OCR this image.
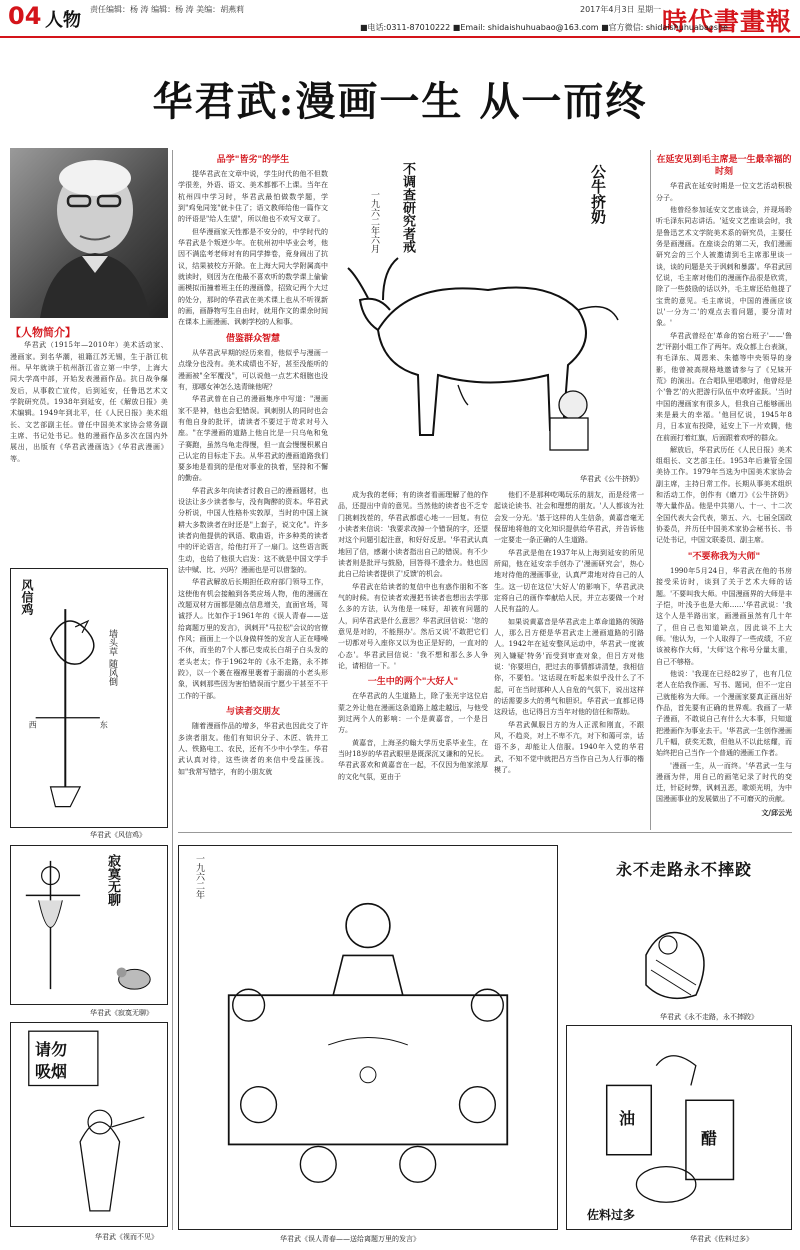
04 人物
责任编辑：杨 涛 编辑：杨 涛 美编：胡燕莉	2017年4月3日 星期一 時代書畫報
■电话:0311-87010222 ■Email: shidaishuhuabao@163.com ■官方微信: shidaishuhuabaoshe
华君武:漫画一生 从一而终
【人物简介】

华君武（1915年—2010年）美术活动家、漫画家。到名华潮，祖籍江苏无锡，生于浙江杭州。早年就读于杭州浙江省立第一中学，上海大同大学高中部，开始发表漫画作品。抗日战争爆发后，从事救亡宣传，后到延安，任鲁迅艺术文学院研究员。1938年到延安，任《解放日报》美术编辑。1949年到北平，任《人民日报》美术组长、文艺部副主任。曾任中国美术家协会常务副主席、书记处书记。他的漫画作品多次在国内外展出，出版有《华君武漫画选》《华君武漫画》等。

西	东
风信鸡
墙头草 随风倒
华君武《风信鸡》
寂寞无聊
华君武《寂寞无聊》
请勿
吸烟
华君武《视而不见》
品学"皆劣"的学生

提华君武在文章中说，学生时代的他不但数学很差，外语、语文、美术都都不上课。当年在杭州四中学习时，华君武最怕做数学题，学到"鸡兔同笼"就卡住了；语文教师给他一篇作文的评语是"给人生望"，所以他也不欢写文章了。

但华漫画家天性都是不安分的，中学时代的华君武是个叛逆少年。在杭州初中毕业会考，他因不满监考老师对有的同学捧卷，竟身闹出了抗议，结果被校方开除。在上海大同大学附属高中就读时，则因为在他最不喜欢听的数学课上偷偷画模拟而撞着班主任的漫画像，招致记两个大过的处分，那时的华君武在美术课上也从不听视新的画，画静物写生自由时，就用作文的课余时间在课本上画漫画、讽刺学校的人和事。

借鉴群众智慧

从华君武早期的经历来看，他似乎与漫画一点缘分也没有。美术成绩也不好，甚至没能听的漫画被"全军覆没"，可以说他一点艺术细胞也没有，那哪女神怎么选青睐他呢？

华君武曾在自己的漫画集序中写道："漫画家不是神，他也会犯错误。讽刺别人的同时也会有他自身的批评，请读者不要过于苛求对号入座。"在学漫画的道路上他自比是一只乌龟和兔子赛跑，虽然乌龟走得慢，但一直会慢慢积累自己认定的目标走下去。从华君武的漫画道路我们要多地是看到的是他对事业的执着，坚持和不懈的勤奋。

华君武多年向读者讨教自己的漫画题材，也设法让多少读者参与，没有陶醉的资本。华君武分析说，中国人性格朴实敦厚，当时的中国上演耕大多数读者在时还是"上套子，说文化"。许多读者向他提供的讽语、歌曲语，许多种类的读者中的评论语言，给他打开了一扇门。这些语言既生动，也给了他很大启发：这不就是中国文学手法中赋、比、兴吗？漫画也是可以借鉴的。

华君武解放后长期担任政府部门领导工作，这使他有机会接触到各类应场人物，他的漫画在改题双材方面都是随点信息增关，直面官场，驾诚抒人。比如作于1961年的《误人青春——送给离题万里的发言》，讽刺开"马拉松"会议的官僚作风；画面上一个以身做样签的发言人正在唾噪不休，而坐的7个人都已变成长白胡子白头发的老头老太；作于1962年的《永不走路，永不摔跤》，以一个裹在襁褓里裹着于溺溺的小老头形象，讽刺那些因为害怕错误而宁愿少干甚至不干工作的干部。

与读者交朋友

随着漫画作品的增多，华君武也因此交了许多读者朋友。他们有知识分子、木匠、铣井工人、铁路电工、农民，还有不少中小学生。华君武认真对待，这些读者的来信中受益匪浅。如"我常写错字，有的小朋友就

公牛挤奶
不调查研究者戒
一九六二年六月
华君武《公牛挤奶》

成为我的老师；有的读者看画理解了他的作品，还提出中肯的意见。当然他的读者也不乏专门挑刺找茬的，华君武都虚心地一一回复。有位小读者来信说：'我要求改掉一个错误的字，还望对这个问题引起注意，和好好反思。'华君武认真地回了信，感谢小读者指出自己的错误。有不少读者则是批评与鼓励，回答得不遗余力。他也因此自己给读者提供了'反馈'的机会。

华君武在给读者的复信中也有惑作朋和不客气的时候。有位读者欢漫把书读者也想出去学那么多的方法，认为他是一味好，却被有问题的人，问华君武是什么意思？华君武回信说：'您的意见是对的，不能照办'。然后又说'不敢把它们一切都对号入座你又以为也正是好的，一直对的心态'。华君武回信说：'我不想和那么多人争论，请相信一下。'

一生中的两个"大好人"

在华君武的人生道路上，除了张光宇这位启蒙之外让他在漫画这条道路上越走越远，与他受到过两个人的影响：一个是黄嘉音，一个是吕方。

黄嘉音，上海圣约翰大学历史系毕业生，在当时18岁的华君武眼里是既深沉又谦和的兄长。华君武喜欢和黄嘉音在一起，不仅因为他家浓厚的文化气氛，更由于

他们不是那种吃喝玩乐的朋友，而是经常一起谈论读书、社会和理想的朋友。'人人都该为社会发一分光。'基于这样的人生信条，黄嘉音毫无保留地将他的文化知识提供给华君武，并告诉他一定要走一条正确的人生道路。

华君武是他在1937年从上海到延安的所见所闻，他在延安亲手创办了'漫画研究会'，热心地对待他的漫画事业，认真严肃地对待自己的人生。这一切在这位'大好人'的影响下，华君武决定将自己的画作奉献给人民，并立志要做一个对人民有益的人。

如果说黄嘉音是华君武走上革命道路的领路人，那么吕方便是华君武走上漫画道路的引路人。1942年在延安整风运动中，华君武一度被列入嫌疑'特务'而受到审查对象，但吕方对他说：'你要坦白，把过去的事情都讲清楚，我相信你，不要怕。'这话现在听起来似乎没什么了不起，可在当时那种人人自危的气氛下，说出这样的话需要多大的勇气和胆识。华君武一直都记得这段话，也记得吕方当年对他的信任和帮助。

华君武佩服吕方的为人正派和刚直，不跟风，不趋炎，对上不卑不亢，对下和蔼可亲，话语不多，却能让人信服。1940年入党的华君武，不知不觉中就把吕方当作自己为人行事的楷模了。

在延安见到毛主席是一生最幸福的时刻

华君武在延安时期是一位文艺活动积极分子。

他曾经参加延安文艺座谈会，并现场聆听毛泽东同志讲话。'延安文艺座谈会时，我是鲁迅艺术文学院美术系的研究员，主要任务是画漫画。在座谈会的第二天，我们漫画研究会的三个人被邀请到毛主席那里谈一谈，谈的问题是关于讽刺和暴露'。华君武回忆说，毛主席对他们的漫画作品很是欣赏，除了一些鼓励的话以外，毛主席还给他提了宝贵的意见。毛主席说，中国的漫画应该以'一分为二'的观点去看问题，要分清对象。'

华君武曾经在'革命的窑台班子'——'鲁艺'评剧小组工作了两年。戏众都上台表演，有毛泽东、周恩来、朱德等中央领导的身影，他曾被高规格地邀请参与了《兄妹开荒》的演出。在合唱队里唱歌时，他曾经是个'鲁艺'的火把游行队伍中欢呼雀跃。'当时中国的漫画家有很多人，但我自己能够画出来是最大的幸福。'他回忆说，1945年8月，日本宣布投降，延安上下一片欢腾，他在前面打着红旗，后面跟着欢呼的群众。

解放后，华君武历任《人民日报》美术组组长、文艺部主任。1953年后兼管全国美协工作。1979年当选为中国美术家协会副主席，主持日常工作。长期从事美术组织和活动工作，创作有《磨刀》《公牛挤奶》等大量作品。他是中共第八、十一、十二次全国代表大会代表，第五、六、七届全国政协委员，并历任中国美术家协会秘书长、书记处书记，中国文联委员、副主席。

"不要称我为大师"

1990年5月24日，华君武在他的书房接受采访时，谈到了关于艺术大师的话题。'不要叫我大师。中国漫画界的大师是丰子恺，叶浅予也是大师……'华君武说：'我这个人是半路出家，画漫画虽然有几十年了，但自己也知道缺点，因此谈不上大师。'他认为，一个人取得了一些成绩，不应该被称作大师，'大师'这个称号分量太重，自己不够格。

他说：'我现在已经82岁了，也有几位老人在给我作画、写书、题词，但不一定自己就能称为大师。一个漫画家要真正画出好作品，首先要有正确的世界观。我画了一辈子漫画，不敢说自己有什么大本事，只知道把漫画作为事业去干。'华君武一生创作漫画几千幅，获奖无数，但他从不以此炫耀，而始终把自己当作一个普通的漫画工作者。

'漫画一生，从一而终。'华君武一生与漫画为伴，用自己的画笔记录了时代的变迁，针砭时弊，讽刺丑恶，歌颂光明，为中国漫画事业的发展做出了不可磨灭的贡献。

文/邱云光
一九六二年
华君武《误人青春——送给离题万里的发言》
永不走路永不摔跤
华君武《永不走路，永不摔跤》
油
醋
佐料过多
华君武《佐料过多》
